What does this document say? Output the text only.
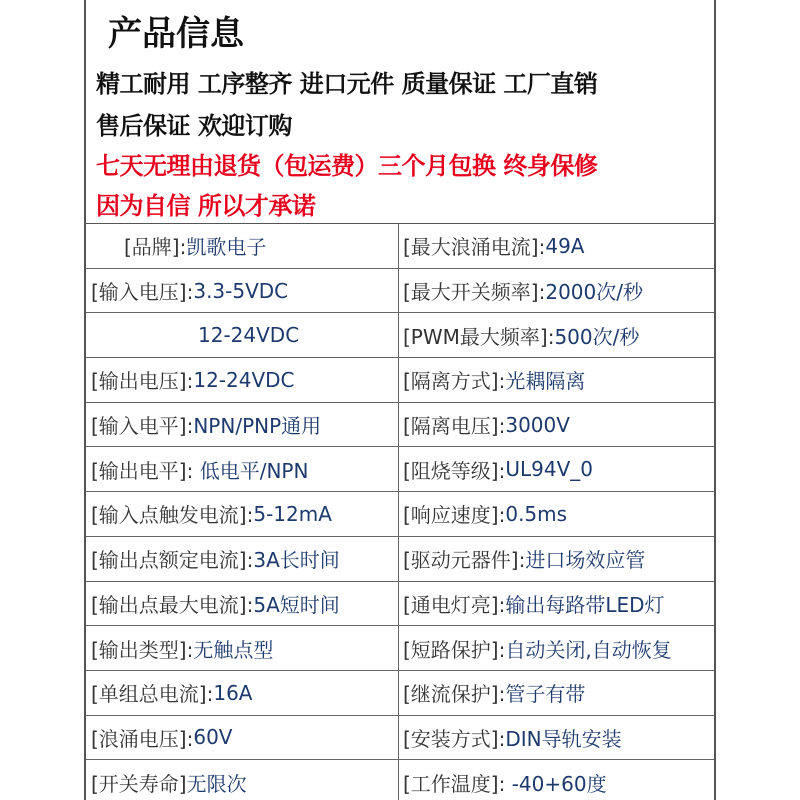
产品信息
精工耐用 工序整齐 进口元件 质量保证 工厂直销
售后保证 欢迎订购
七天无理由退货（包运费）三个月包换 终身保修
因为自信 所以才承诺
[品牌]: 凯歌电子	[最大浪涌电流]: 49A
[输入电压]: 3.3-5VDC	[最大开关频率]: 2000次/秒
12-24VDC	[PWM最大频率]: 500次/秒
[输出电压]: 12-24VDC	[隔离方式]: 光耦隔离
[输入电平]: NPN/PNP通用	[隔离电压]: 3000V
[输出电平]: 低电平/NPN	[阻烧等级]: UL94V_0
[输入点触发电流]: 5-12mA	[响应速度]: 0.5ms
[输出点额定电流]: 3A长时间	[驱动元器件]: 进口场效应管
[输出点最大电流]: 5A短时间	[通电灯亮]: 输出每路带LED灯
[输出类型]: 无触点型	[短路保护]: 自动关闭,自动恢复
[单组总电流]: 16A	[继流保护]: 管子有带
[浪涌电压]: 60V	[安装方式]: DIN导轨安装
[开关寿命] 无限次	[工作温度]: -40+60度
